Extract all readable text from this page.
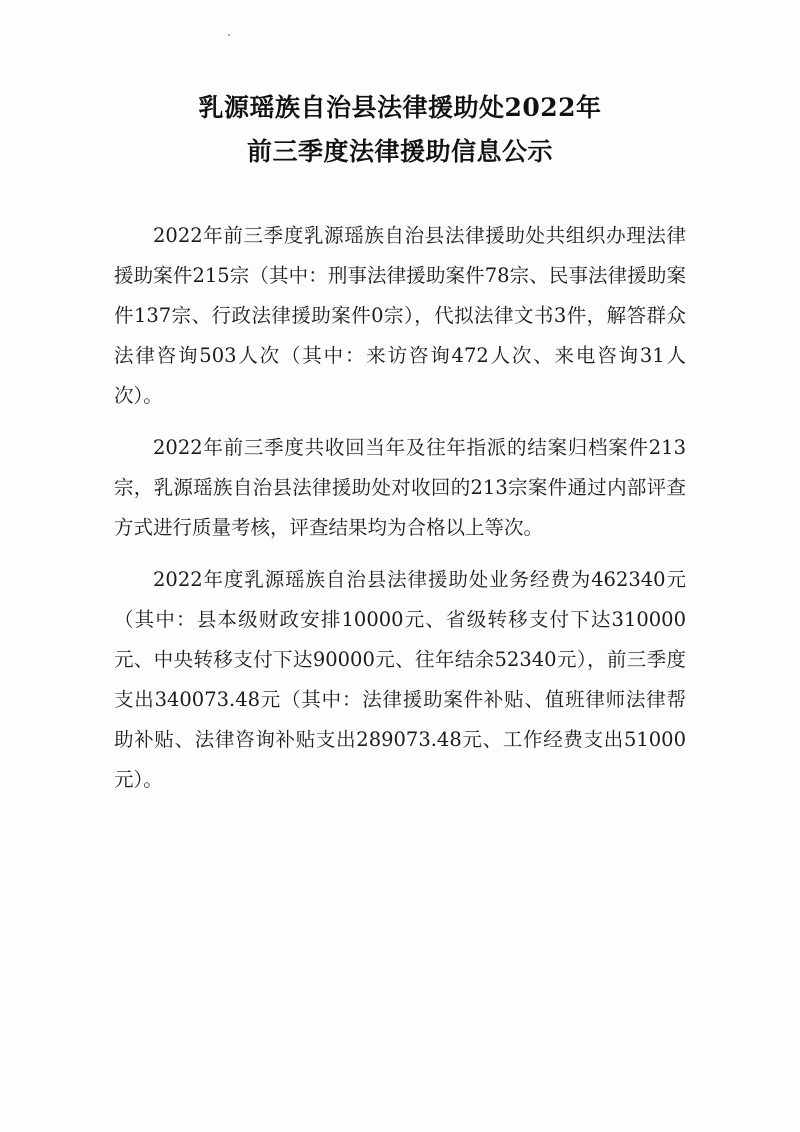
乳源瑶族自治县法律援助处2022年
前三季度法律援助信息公示

2022年前三季度乳源瑶族自治县法律援助处共组织办理法律援助案件215宗（其中：刑事法律援助案件78宗、民事法律援助案件137宗、行政法律援助案件0宗），代拟法律文书3件，解答群众法律咨询503人次（其中：来访咨询472人次、来电咨询31人次）。

2022年前三季度共收回当年及往年指派的结案归档案件213宗，乳源瑶族自治县法律援助处对收回的213宗案件通过内部评查方式进行质量考核，评查结果均为合格以上等次。

2022年度乳源瑶族自治县法律援助处业务经费为462340元（其中：县本级财政安排10000元、省级转移支付下达310000元、中央转移支付下达90000元、往年结余52340元），前三季度支出340073.48元（其中：法律援助案件补贴、值班律师法律帮助补贴、法律咨询补贴支出289073.48元、工作经费支出51000元）。
